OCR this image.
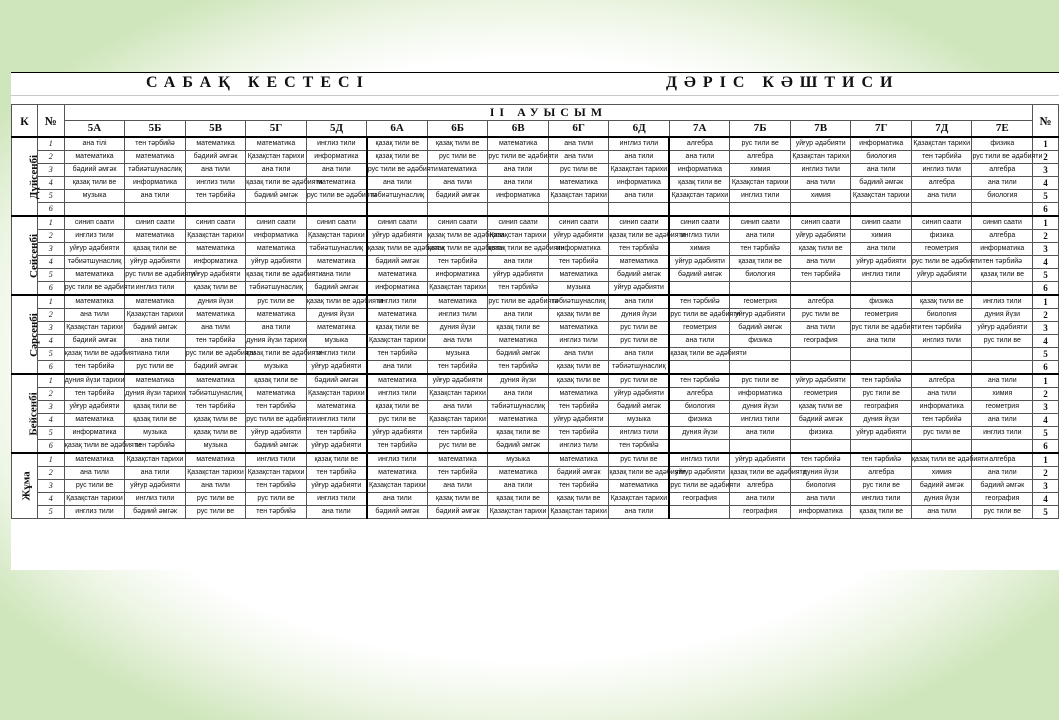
САБАҚ КЕСТЕСІ	ДӘРІС КӘШТИСИ
К	№	II АУЫСЫМ																№
		5А	5Б	5В	5Г	5Д	6А	6Б	6В	6Г	6Д	7А	7Б	7В	7Г	7Д	7Е	
Дүйсенбі	1	ана тілі	тен тәрбийә	математика	математика	инглиз тили	қазақ тили ве	қазақ тили ве	математика	ана тили	инглиз тили	алгебра	рус тили ве	уйғур әдәбияти	информатика	Қазақстан тарихи	физика	1
	2	математика	математика	бәдиий әмгәк	Қазақстан тарихи	информатика	қазақ тили ве	рус тили ве	рус тили ве әдәбияти	ана тили	ана тили	ана тили	алгебра	Қазақстан тарихи	биология	тен тәрбийә	рус тили ве әдәбияти	2
	3	бәдиий әмгәк	тәбиәтшунаслиқ	ана тили	ана тили	ана тили	рус тили ве әдәбияти	математика	ана тили	рус тили ве	Қазақстан тарихи	информатика	химия	инглиз тили	ана тили	инглиз тили	алгебра	3
	4	қазақ тили ве	информатика	инглиз тили	қазақ тили ве әдәбияти	математика	ана тили	ана тили	ана тили	математика	информатика	қазақ тили ве	Қазақстан тарихи	ана тили	бәдиий әмгәк	алгебра	ана тили	4
	5	музыка	ана тили	тен тәрбийә	бәдиий әмгәк	рус тили ве әдәбияти	тәбиәтшунаслиқ	бәдиий әмгәк	информатика	Қазақстан тарихи	ана тили	Қазақстан тарихи	инглиз тили	химия	Қазақстан тарихи	ана тили	биология	5
	6																	6
Сейсенбі	1	синип саати	синип саати	синип саати	синип саати	синип саати	синип саати	синип саати	синип саати	синип саати	синип саати	синип саати	синип саати	синип саати	синип саати	синип саати	синип саати	1
	2	инглиз тили	математика	Қазақстан тарихи	информатика	Қазақстан тарихи	уйғур әдәбияти	қазақ тили ве әдәбияти	Қазақстан тарихи	уйғур әдәбияти	қазақ тили ве әдәбияти	инглиз тили	ана тили	уйғур әдәбияти	химия	физика	алгебра	2
	3	уйғур әдәбияти	қазақ тили ве	математика	математика	тәбиәтшунаслиқ	қазақ тили ве әдәбияти	қазақ тили ве әдәбияти	қазақ тили ве әдәбияти	информатика	тен тәрбийә	химия	тен тәрбийә	қазақ тили ве	ана тили	геометрия	информатика	3
	4	тәбиәтшунаслиқ	уйғур әдәбияти	информатика	уйғур әдәбияти	математика	бәдиий әмгәк	тен тәрбийә	ана тили	тен тәрбийә	математика	уйғур әдәбияти	қазақ тили ве	ана тили	уйғур әдәбияти	рус тили ве әдәбияти	тен тәрбийә	4
	5	математика	рус тили ве әдәбияти	уйғур әдәбияти	қазақ тили ве әдәбияти	ана тили	математика	информатика	уйғур әдәбияти	математика	бәдиий әмгәк	бәдиий әмгәк	биология	тен тәрбийә	инглиз тили	уйғур әдәбияти	қазақ тили ве	5
	6	рус тили ве әдәбияти	инглиз тили	қазақ тили ве	тәбиәтшунаслиқ	бәдиий әмгәк	информатика	Қазақстан тарихи	тен тәрбийә	музыка	уйғур әдәбияти							6
Сәрсенбі	1	математика	математика	дуния йүзи	рус тили ве	қазақ тили ве әдәбияти	инглиз тили	математика	рус тили ве әдәбияти	тәбиәтшунаслиқ	ана тили	тен тәрбийә	геометрия	алгебра	физика	қазақ тили ве	инглиз тили	1
	2	ана тили	Қазақстан тарихи	математика	математика	дуния йүзи	математика	инглиз тили	ана тили	қазақ тили ве	дуния йүзи	рус тили ве әдәбияти	уйғур әдәбияти	рус тили ве	геометрия	биология	дуния йүзи	2
	3	Қазақстан тарихи	бәдиий әмгәк	ана тили	ана тили	математика	қазақ тили ве	дуния йүзи	қазақ тили ве	математика	рус тили ве	геометрия	бәдиий әмгәк	ана тили	рус тили ве әдәбияти	тен тәрбийә	уйғур әдәбияти	3
	4	бәдиий әмгәк	ана тили	тен тәрбийә	дуния йүзи тарихи	музыка	Қазақстан тарихи	ана тили	математика	инглиз тили	рус тили ве	ана тили	физика	география	ана тили	инглиз тили	рус тили ве	4
	5	қазақ тили ве әдәбияти	ана тили	рус тили ве әдәбияти	қазақ тили ве әдәбияти	инглиз тили	тен тәрбийә	музыка	бәдиий әмгәк	ана тили	ана тили	қазақ тили ве әдәбияти						5
	6	тен тәрбийә	рус тили ве	бәдиий әмгәк	музыка	уйғур әдәбияти	ана тили	тен тәрбийә	тен тәрбийә	қазақ тили ве	тәбиәтшунаслиқ							6
Бейсенбі	1	дуния йүзи тарихи	математика	математика	қазақ тили ве	бәдиий әмгәк	математика	уйғур әдәбияти	дуния йүзи	қазақ тили ве	рус тили ве	тен тәрбийә	рус тили ве	уйғур әдәбияти	тен тәрбийә	алгебра	ана тили	1
	2	тен тәрбийә	дуния йүзи тарихи	тәбиәтшунаслиқ	математика	Қазақстан тарихи	инглиз тили	Қазақстан тарихи	ана тили	математика	уйғур әдәбияти	алгебра	информатика	геометрия	рус тили ве	ана тили	химия	2
	3	уйғур әдәбияти	қазақ тили ве	тен тәрбийә	тен тәрбийә	математика	қазақ тили ве	ана тили	тәбиәтшунаслиқ	тен тәрбийә	бәдиий әмгәк	биология	дуния йүзи	қазақ тили ве	география	информатика	геометрия	3
	4	математика	қазақ тили ве	қазақ тили ве	рус тили ве әдәбияти	инглиз тили	рус тили ве	Қазақстан тарихи	математика	уйғур әдәбияти	музыка	физика	инглиз тили	бәдиий әмгәк	дуния йүзи	тен тәрбийә	ана тили	4
	5	информатика	музыка	қазақ тили ве	уйғур әдәбияти	тен тәрбийә	уйғур әдәбияти	тен тәрбийә	қазақ тили ве	тен тәрбийә	инглиз тили	дуния йүзи	ана тили	физика	уйғур әдәбияти	рус тили ве	инглиз тили	5
	6	қазақ тили ве әдәбияти	тен тәрбийә	музыка	бәдиий әмгәк	уйғур әдәбияти	тен тәрбийә	рус тили ве	бәдиий әмгәк	инглиз тили	тен тәрбийә							6
Жұма	1	математика	Қазақстан тарихи	математика	инглиз тили	қазақ тили ве	инглиз тили	математика	музыка	математика	рус тили ве	инглиз тили	уйғур әдәбияти	тен тәрбийә	тен тәрбийә	қазақ тили ве әдәбияти	алгебра	1
	2	ана тили	ана тили	Қазақстан тарихи	Қазақстан тарихи	тен тәрбийә	математика	тен тәрбийә	математика	бәдиий әмгәк	қазақ тили ве әдәбияти	уйғур әдәбияти	қазақ тили ве әдәбияти	дуния йүзи	алгебра	химия	ана тили	2
	3	рус тили ве	уйғур әдәбияти	ана тили	тен тәрбийә	уйғур әдәбияти	Қазақстан тарихи	ана тили	ана тили	тен тәрбийә	математика	рус тили ве әдәбияти	алгебра	биология	рус тили ве	бәдиий әмгәк	бәдиий әмгәк	3
	4	Қазақстан тарихи	инглиз тили	рус тили ве	рус тили ве	инглиз тили	ана тили	қазақ тили ве	қазақ тили ве	қазақ тили ве	Қазақстан тарихи	география	ана тили	ана тили	инглиз тили	дуния йүзи	география	4
	5	инглиз тили	бәдиий әмгәк	рус тили ве	тен тәрбийә	ана тили	бәдиий әмгәк	бәдиий әмгәк	Қазақстан тарихи	Қазақстан тарихи	ана тили		география	информатика	қазақ тили ве	ана тили	рус тили ве	5
